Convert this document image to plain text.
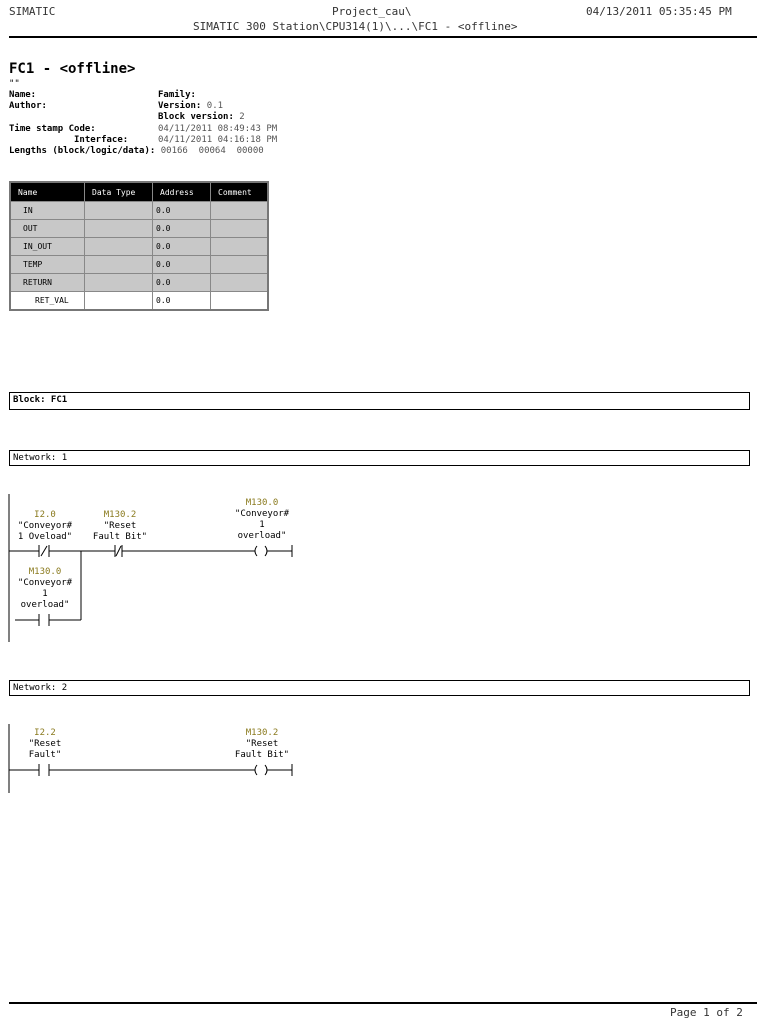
SIMATIC	Project_cau\
SIMATIC 300 Station\CPU314(1)\...\FC1 - <offline>
04/13/2011 05:35:45 PM
FC1 - <offline>
""
Name:	Family:
Author:	Version: 0.1
Block version: 2
Time stamp Code:	04/11/2011 08:49:43 PM
Interface:	04/11/2011 04:16:18 PM
Lengths (block/logic/data): 00166  00064  00000
Name	Data Type	Address	Comment
IN		0.0	
OUT		0.0	
IN_OUT		0.0	
TEMP		0.0	
RETURN		0.0	
RET_VAL		0.0	
Block: FC1
Network: 1
I2.0
"Conveyor#
1 Oveload"
M130.2
"Reset
Fault Bit"
M130.0
"Conveyor#
1
overload"
M130.0
"Conveyor#
1
overload"
Network: 2
I2.2
"Reset
Fault"
M130.2
"Reset
Fault Bit"
Page 1 of 2
